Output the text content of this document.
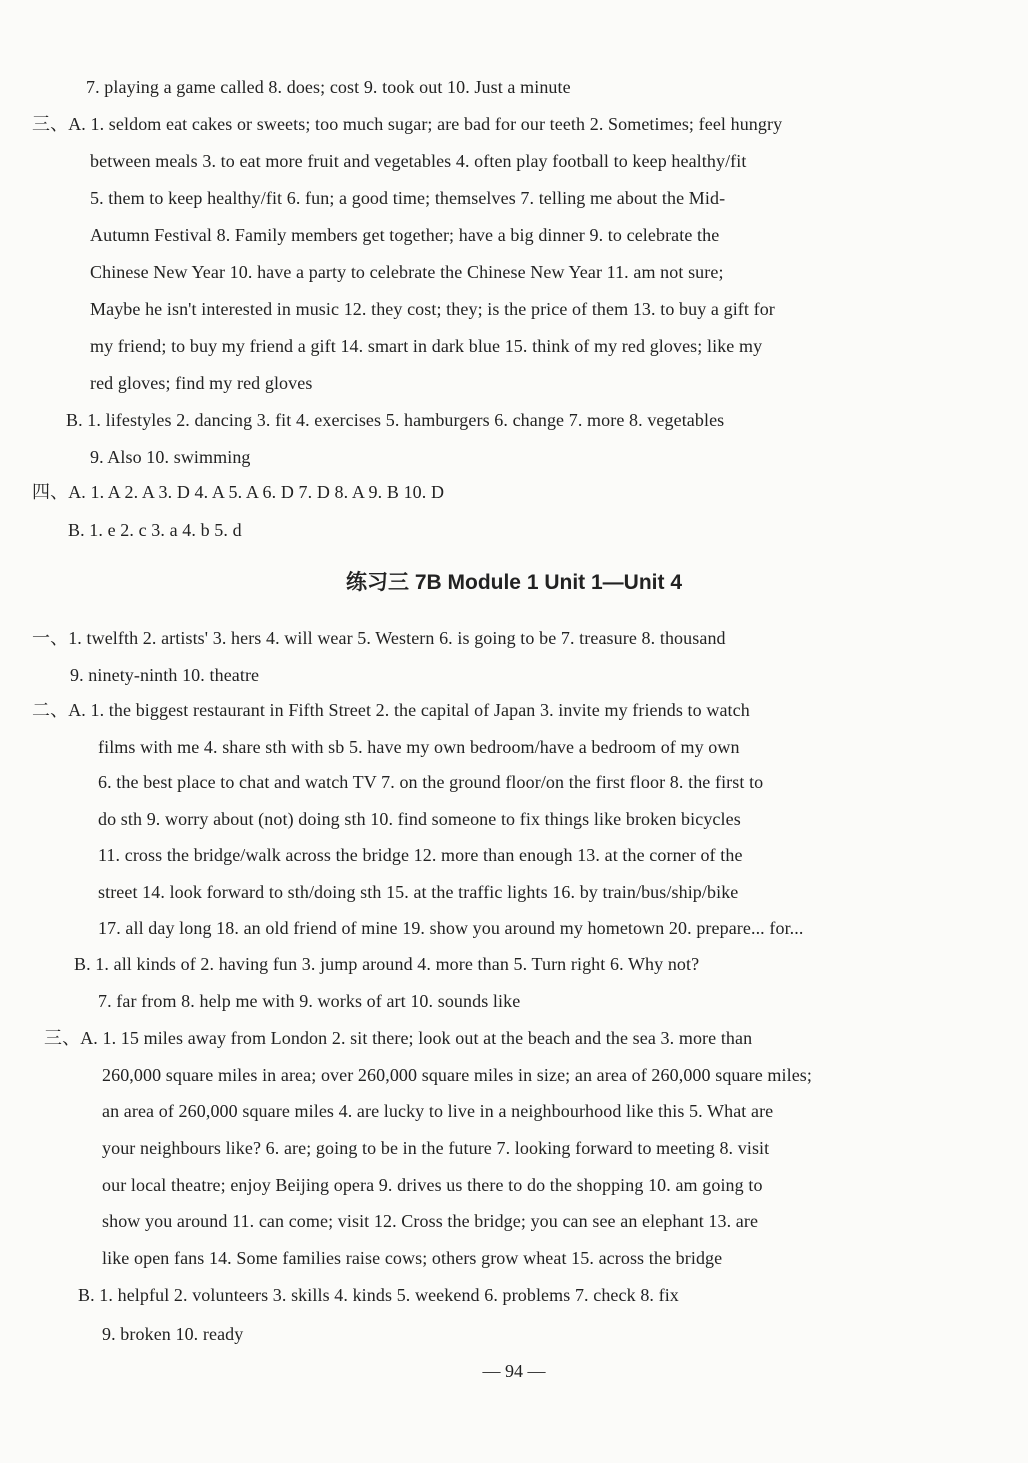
7. playing a game called 8. does; cost 9. took out 10. Just a minute
三、A. 1. seldom eat cakes or sweets; too much sugar; are bad for our teeth 2. Sometimes; feel hungry
between meals 3. to eat more fruit and vegetables 4. often play football to keep healthy/fit
5. them to keep healthy/fit 6. fun; a good time; themselves 7. telling me about the Mid-
Autumn Festival 8. Family members get together; have a big dinner 9. to celebrate the
Chinese New Year 10. have a party to celebrate the Chinese New Year 11. am not sure;
Maybe he isn't interested in music 12. they cost; they; is the price of them 13. to buy a gift for
my friend; to buy my friend a gift 14. smart in dark blue 15. think of my red gloves; like my
red gloves; find my red gloves
B. 1. lifestyles 2. dancing 3. fit 4. exercises 5. hamburgers 6. change 7. more 8. vegetables
9. Also 10. swimming
四、A. 1. A 2. A 3. D 4. A 5. A 6. D 7. D 8. A 9. B 10. D
B. 1. e 2. c 3. a 4. b 5. d
练习三 7B Module 1 Unit 1—Unit 4
一、1. twelfth 2. artists' 3. hers 4. will wear 5. Western 6. is going to be 7. treasure 8. thousand
9. ninety-ninth 10. theatre
二、A. 1. the biggest restaurant in Fifth Street 2. the capital of Japan 3. invite my friends to watch
films with me 4. share sth with sb 5. have my own bedroom/have a bedroom of my own
6. the best place to chat and watch TV 7. on the ground floor/on the first floor 8. the first to
do sth 9. worry about (not) doing sth 10. find someone to fix things like broken bicycles
11. cross the bridge/walk across the bridge 12. more than enough 13. at the corner of the
street 14. look forward to sth/doing sth 15. at the traffic lights 16. by train/bus/ship/bike
17. all day long 18. an old friend of mine 19. show you around my hometown 20. prepare... for...
B. 1. all kinds of 2. having fun 3. jump around 4. more than 5. Turn right 6. Why not?
7. far from 8. help me with 9. works of art 10. sounds like
三、A. 1. 15 miles away from London 2. sit there; look out at the beach and the sea 3. more than
260,000 square miles in area; over 260,000 square miles in size; an area of 260,000 square miles;
an area of 260,000 square miles 4. are lucky to live in a neighbourhood like this 5. What are
your neighbours like? 6. are; going to be in the future 7. looking forward to meeting 8. visit
our local theatre; enjoy Beijing opera 9. drives us there to do the shopping 10. am going to
show you around 11. can come; visit 12. Cross the bridge; you can see an elephant 13. are
like open fans 14. Some families raise cows; others grow wheat 15. across the bridge
B. 1. helpful 2. volunteers 3. skills 4. kinds 5. weekend 6. problems 7. check 8. fix
9. broken 10. ready
— 94 —
